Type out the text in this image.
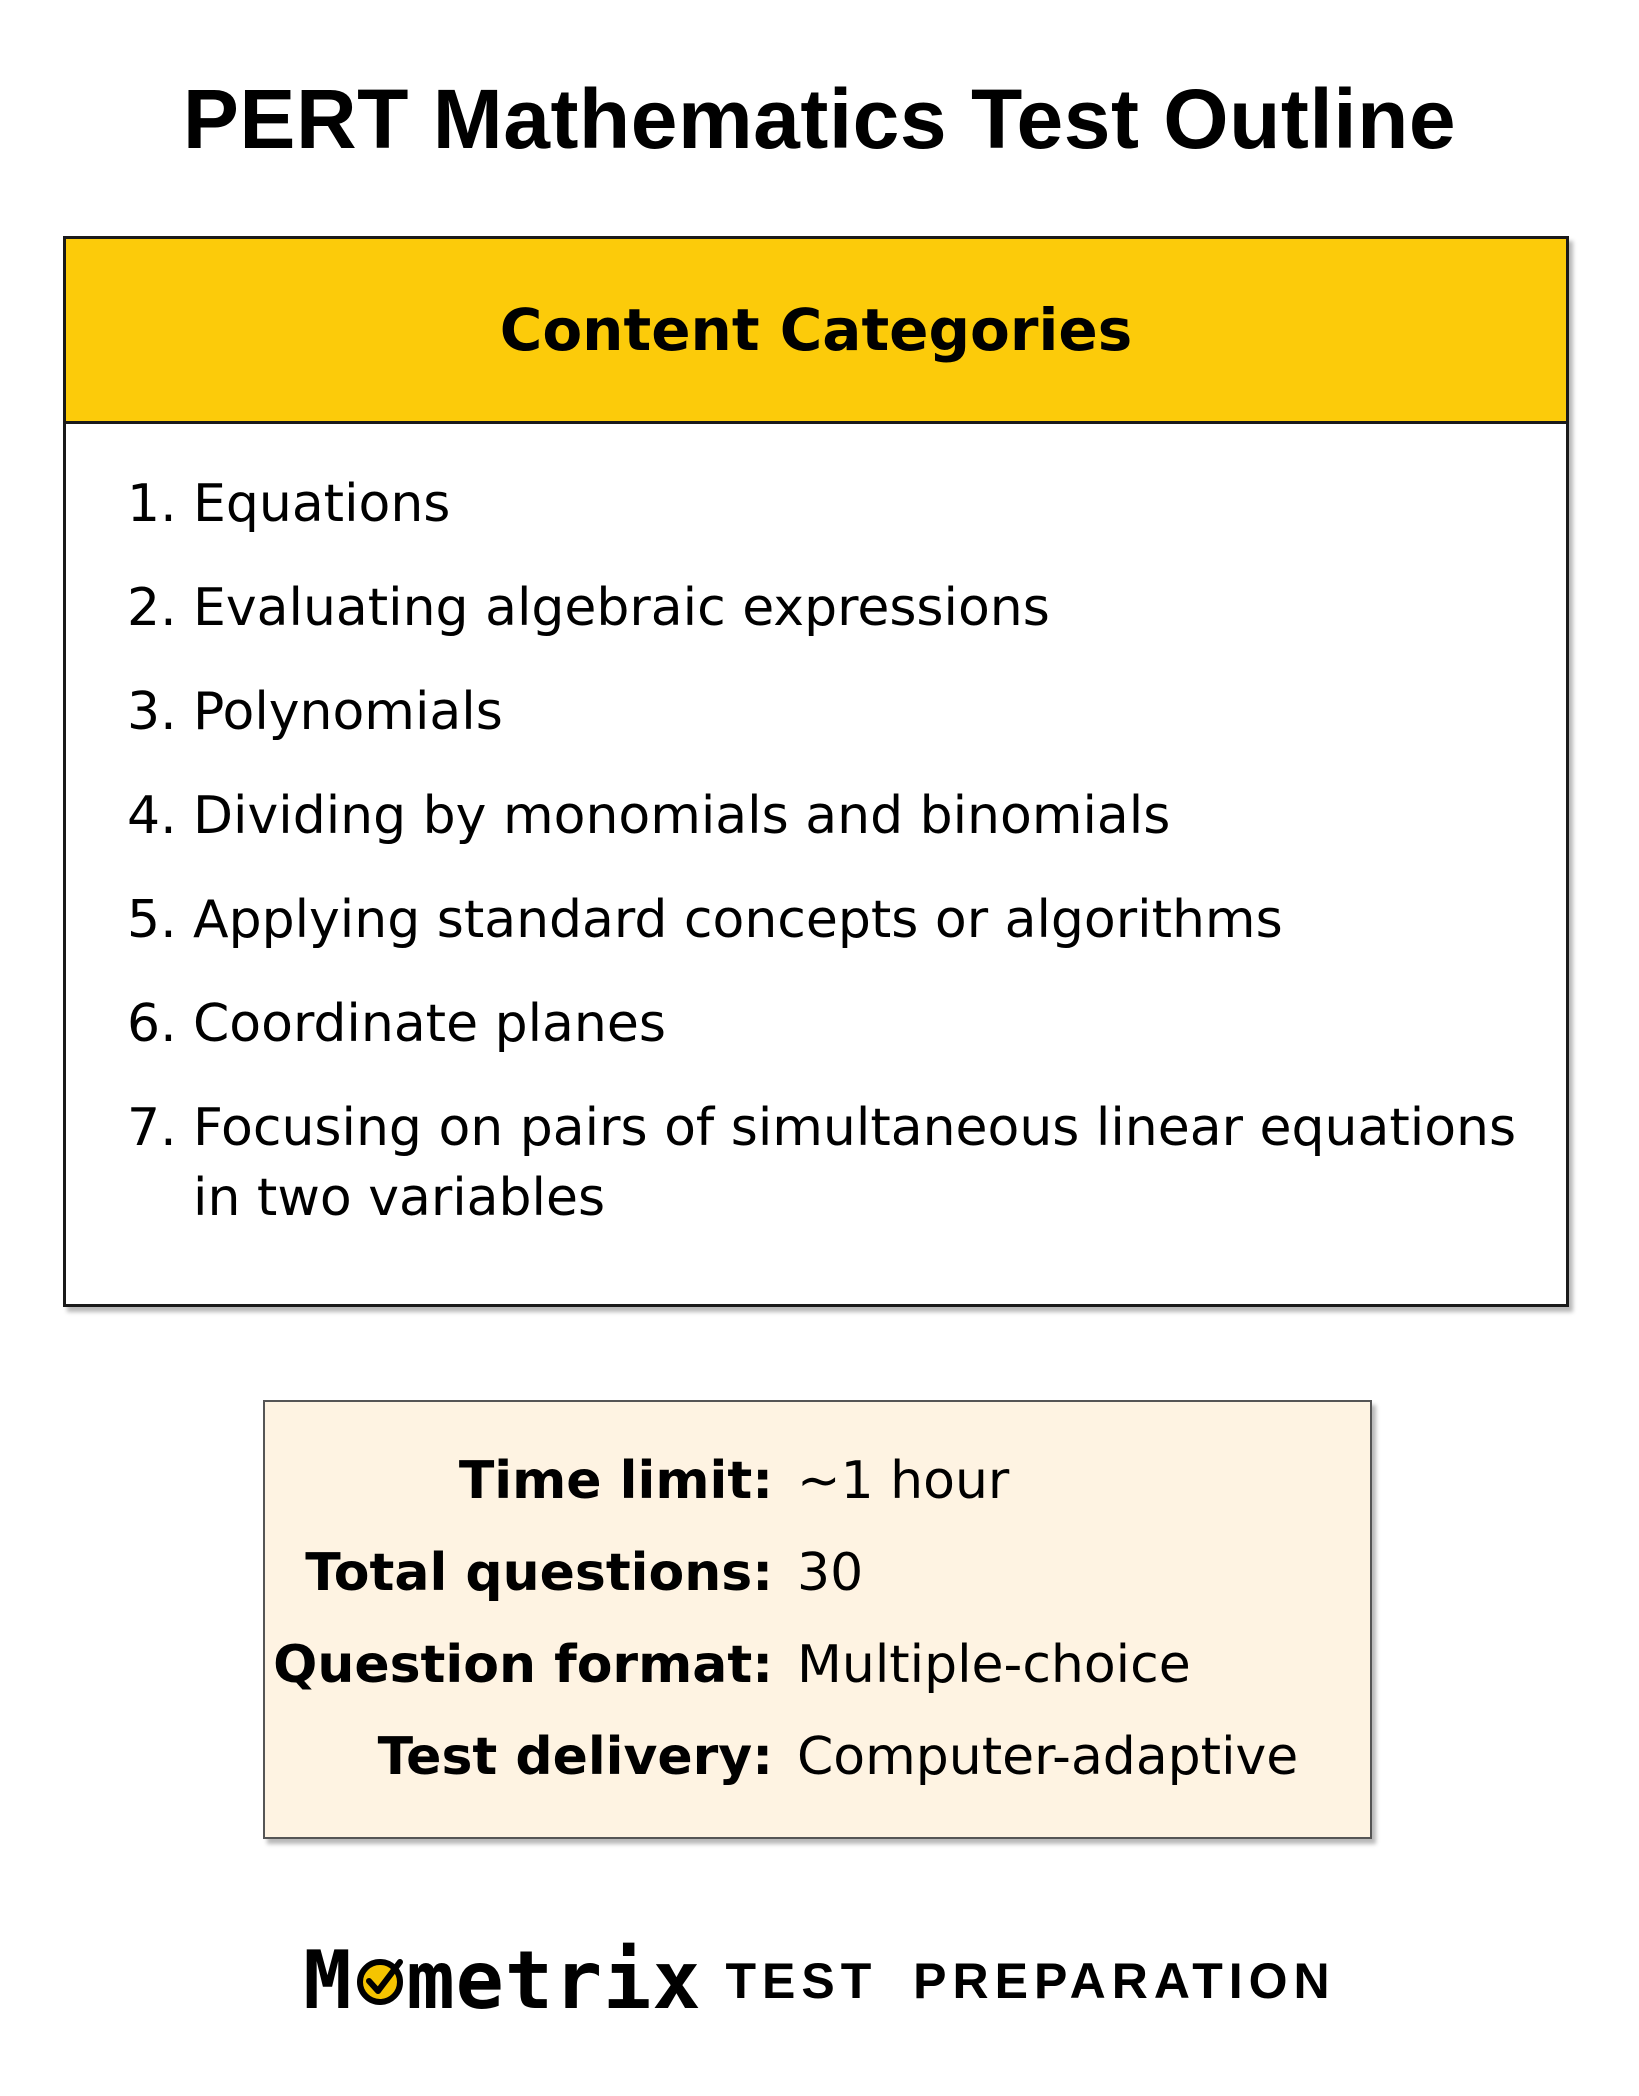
PERT Mathematics Test Outline
Content Categories
1. Equations
2. Evaluating algebraic expressions
3. Polynomials
4. Dividing by monomials and binomials
5. Applying standard concepts or algorithms
6. Coordinate planes
7. Focusing on pairs of simultaneous linear equations in two variables
Time limit: ~1 hour
Total questions: 30
Question format: Multiple-choice
Test delivery: Computer-adaptive
M metrix TEST PREPARATION
